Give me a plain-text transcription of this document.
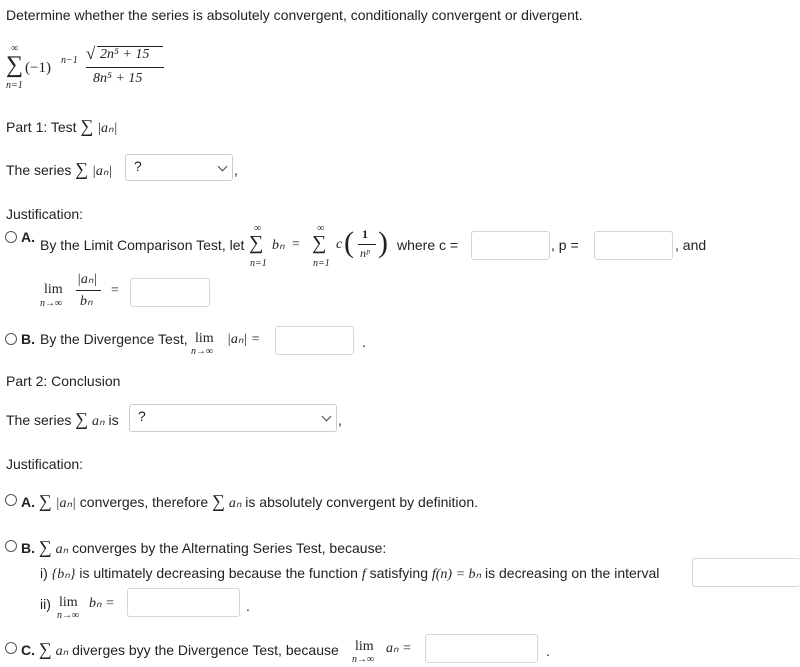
Determine whether the series is absolutely convergent, conditionally convergent or divergent.
∞
∑
n=1
(−1) n−1 √ 2n⁵ + 15
8n⁵ + 15
Part 1: Test ∑ |aₙ|
The series ∑ |aₙ|	?	,
Justification:
A. By the Limit Comparison Test, let
∞
∑
n=1
bₙ =
∞
∑
n=1
c ( 1
nᵖ ) where c =	, p =	, and
lim
n→∞
|aₙ|
bₙ
=
B. By the Divergence Test, lim
n→∞
|aₙ| =	.
Part 2: Conclusion
The series ∑ aₙ is	?	,
Justification:
A. ∑ |aₙ| converges, therefore ∑ aₙ is absolutely convergent by definition.
B. ∑ aₙ converges by the Alternating Series Test, because:
i) {bₙ} is ultimately decreasing because the function f satisfying f(n) = bₙ is decreasing on the interval
ii) lim
n→∞
bₙ =	.
C. ∑ aₙ diverges byy the Divergence Test, because lim
n→∞
aₙ =	.
